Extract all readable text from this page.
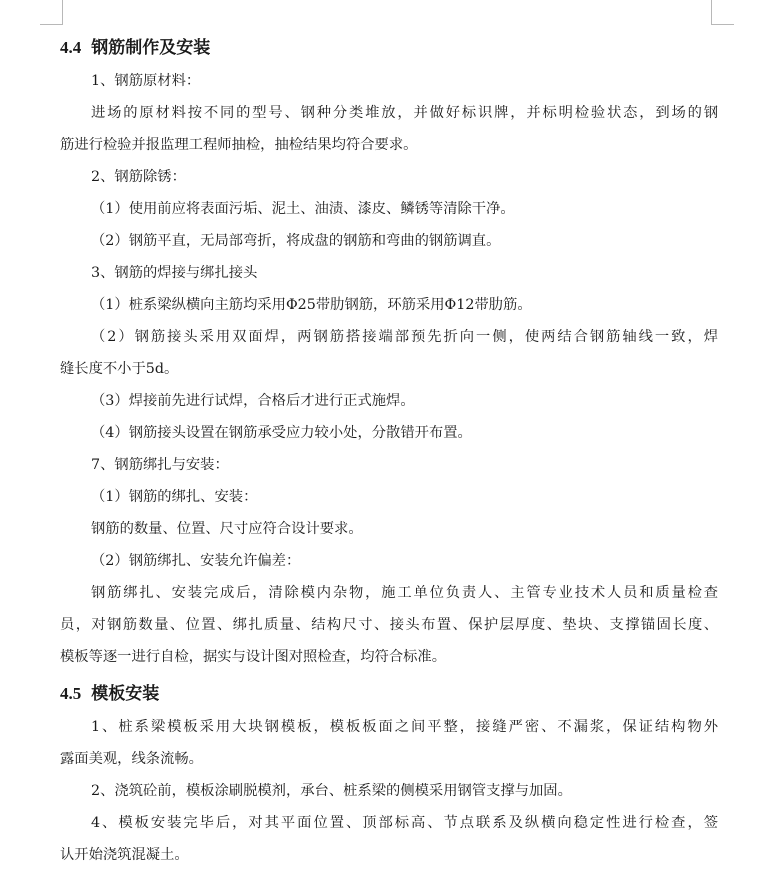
4.4 钢筋制作及安装

1、钢筋原材料：

进场的原材料按不同的型号、钢种分类堆放，并做好标识牌，并标明检验状态，到场的钢

筋进行检验并报监理工程师抽检，抽检结果均符合要求。

2、钢筋除锈：

（1）使用前应将表面污垢、泥土、油渍、漆皮、鳞锈等清除干净。

（2）钢筋平直，无局部弯折，将成盘的钢筋和弯曲的钢筋调直。

3、钢筋的焊接与绑扎接头

（1）桩系梁纵横向主筋均采用Φ25带肋钢筋，环筋采用Φ12带肋筋。

（2）钢筋接头采用双面焊，两钢筋搭接端部预先折向一侧，使两结合钢筋轴线一致，焊

缝长度不小于5d。

（3）焊接前先进行试焊，合格后才进行正式施焊。

（4）钢筋接头设置在钢筋承受应力较小处，分散错开布置。

7、钢筋绑扎与安装：

（1）钢筋的绑扎、安装：

钢筋的数量、位置、尺寸应符合设计要求。

（2）钢筋绑扎、安装允许偏差：

钢筋绑扎、安装完成后，清除模内杂物，施工单位负责人、主管专业技术人员和质量检查

员，对钢筋数量、位置、绑扎质量、结构尺寸、接头布置、保护层厚度、垫块、支撑锚固长度、

模板等逐一进行自检，据实与设计图对照检查，均符合标准。

4.5 模板安装

1、桩系梁模板采用大块钢模板，模板板面之间平整，接缝严密、不漏浆，保证结构物外

露面美观，线条流畅。

2、浇筑砼前，模板涂刷脱模剂，承台、桩系梁的侧模采用钢管支撑与加固。

4、模板安装完毕后，对其平面位置、顶部标高、节点联系及纵横向稳定性进行检查，签

认开始浇筑混凝土。
